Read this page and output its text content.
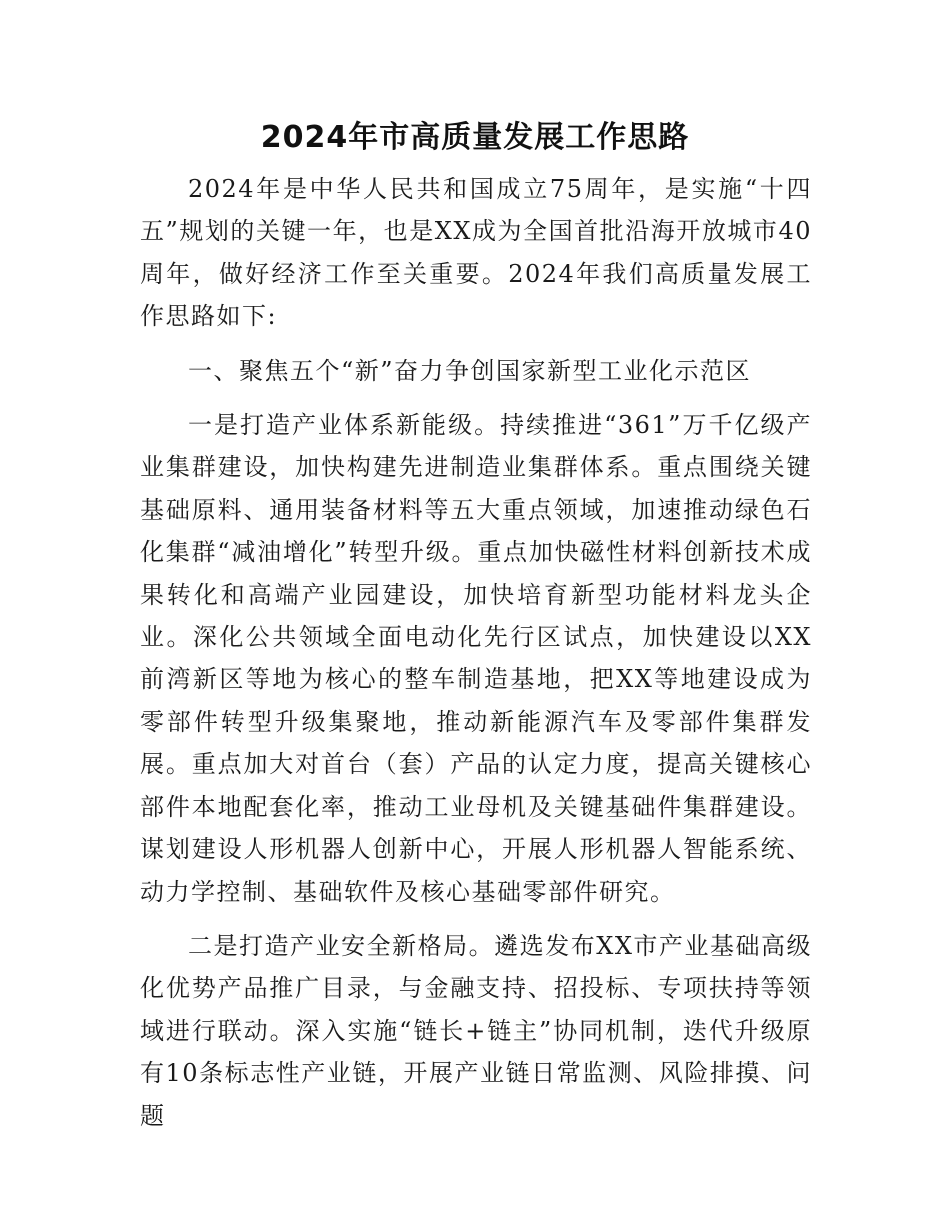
2024年市高质量发展工作思路

2024年是中华人民共和国成立75周年，是实施“十四五”规划的关键一年，也是XX成为全国首批沿海开放城市40周年，做好经济工作至关重要。2024年我们高质量发展工作思路如下:

一、聚焦五个“新”奋力争创国家新型工业化示范区

一是打造产业体系新能级。持续推进“361”万千亿级产业集群建设，加快构建先进制造业集群体系。重点围绕关键基础原料、通用装备材料等五大重点领域，加速推动绿色石化集群“减油增化”转型升级。重点加快磁性材料创新技术成果转化和高端产业园建设，加快培育新型功能材料龙头企业。深化公共领域全面电动化先行区试点，加快建设以XX前湾新区等地为核心的整车制造基地，把XX等地建设成为零部件转型升级集聚地，推动新能源汽车及零部件集群发展。重点加大对首台（套）产品的认定力度，提高关键核心部件本地配套化率，推动工业母机及关键基础件集群建设。谋划建设人形机器人创新中心，开展人形机器人智能系统、动力学控制、基础软件及核心基础零部件研究。

二是打造产业安全新格局。遴选发布XX市产业基础高级化优势产品推广目录，与金融支持、招投标、专项扶持等领域进行联动。深入实施“链长+链主”协同机制，迭代升级原有10条标志性产业链，开展产业链日常监测、风险排摸、问题
